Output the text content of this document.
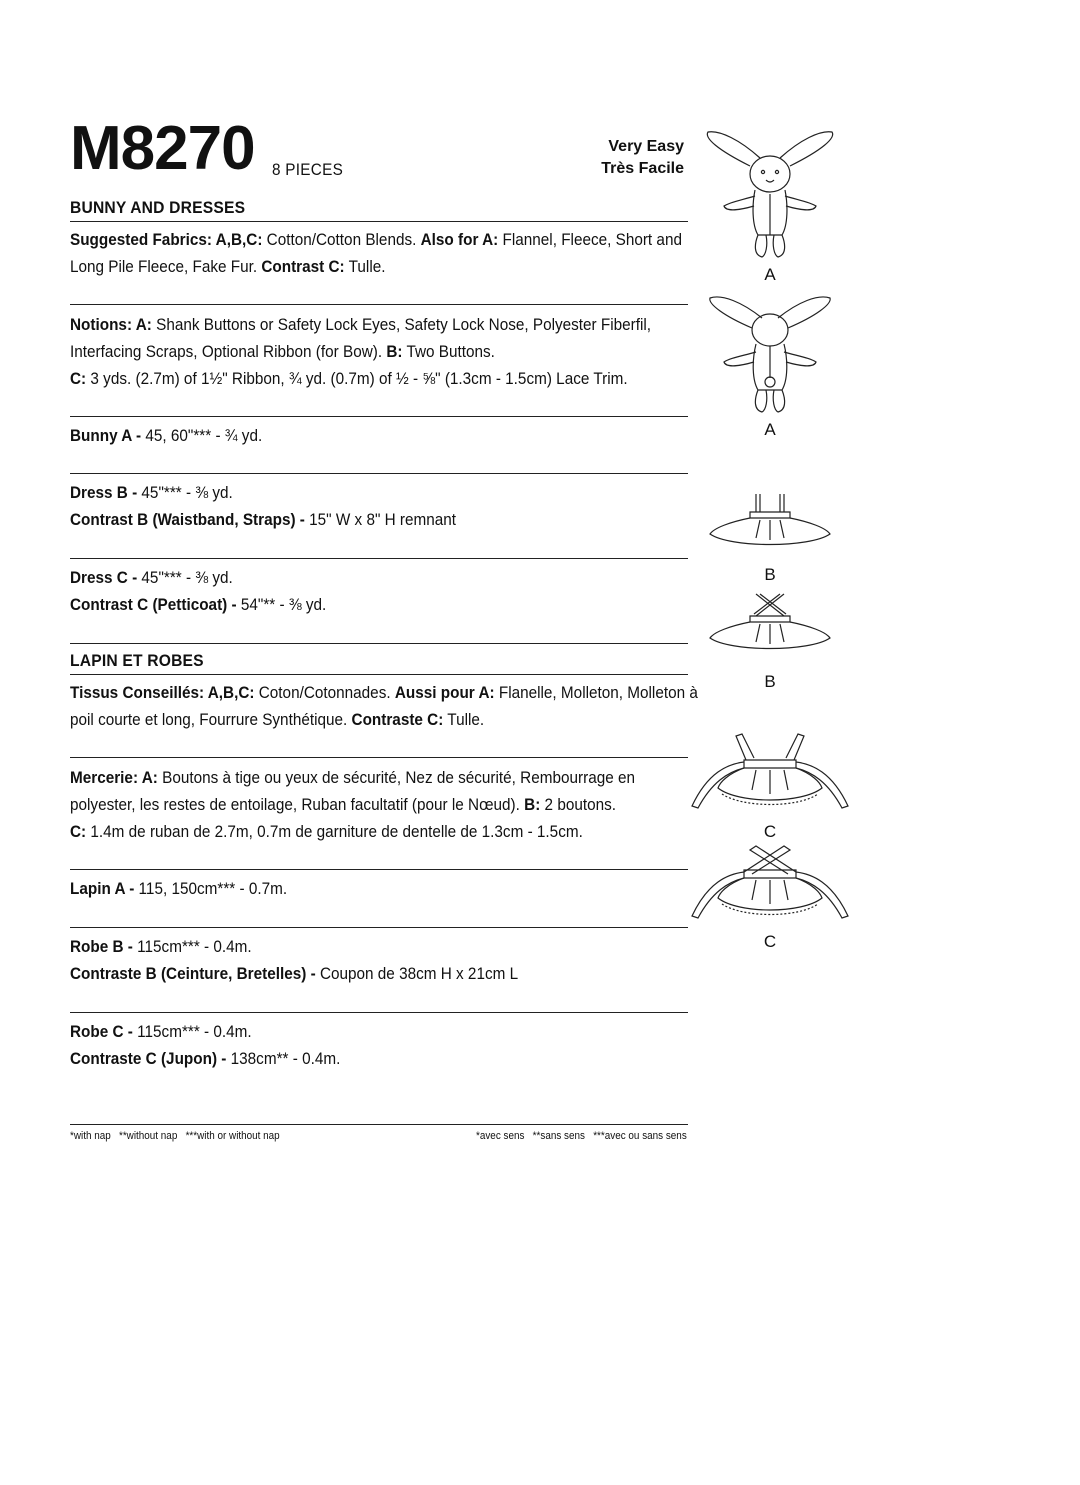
M8270 8 PIECES
Very Easy
Très Facile
BUNNY AND DRESSES
Suggested Fabrics: A,B,C: Cotton/Cotton Blends. Also for A: Flannel, Fleece, Short and
Long Pile Fleece, Fake Fur. Contrast C: Tulle.
Notions: A: Shank Buttons or Safety Lock Eyes, Safety Lock Nose, Polyester Fiberfil,
Interfacing Scraps, Optional Ribbon (for Bow). B: Two Buttons.
C: 3 yds. (2.7m) of 1½" Ribbon, ¾ yd. (0.7m) of ½ - ⅝" (1.3cm - 1.5cm) Lace Trim.
Bunny A - 45, 60"*** - ¾ yd.
Dress B - 45"*** - ⅜ yd.
Contrast B (Waistband, Straps) - 15" W x 8" H remnant
Dress C - 45"*** - ⅜ yd.
Contrast C (Petticoat) - 54"** - ⅜ yd.
LAPIN ET ROBES
Tissus Conseillés: A,B,C: Coton/Cotonnades. Aussi pour A: Flanelle, Molleton, Molleton à
poil courte et long, Fourrure Synthétique. Contraste C: Tulle.
Mercerie: A: Boutons à tige ou yeux de sécurité, Nez de sécurité, Rembourrage en
polyester, les restes de entoilage, Ruban facultatif (pour le Nœud). B: 2 boutons.
C: 1.4m de ruban de 2.7m, 0.7m de garniture de dentelle de 1.3cm - 1.5cm.
Lapin A - 115, 150cm*** - 0.7m.
Robe B - 115cm*** - 0.4m.
Contraste B (Ceinture, Bretelles) - Coupon de 38cm H x 21cm L
Robe C - 115cm*** - 0.4m.
Contraste C (Jupon) - 138cm** - 0.4m.
*with nap   **without nap   ***with or without nap	*avec sens   **sans sens   ***avec ou sans sens
A
A
B
B
C
C
